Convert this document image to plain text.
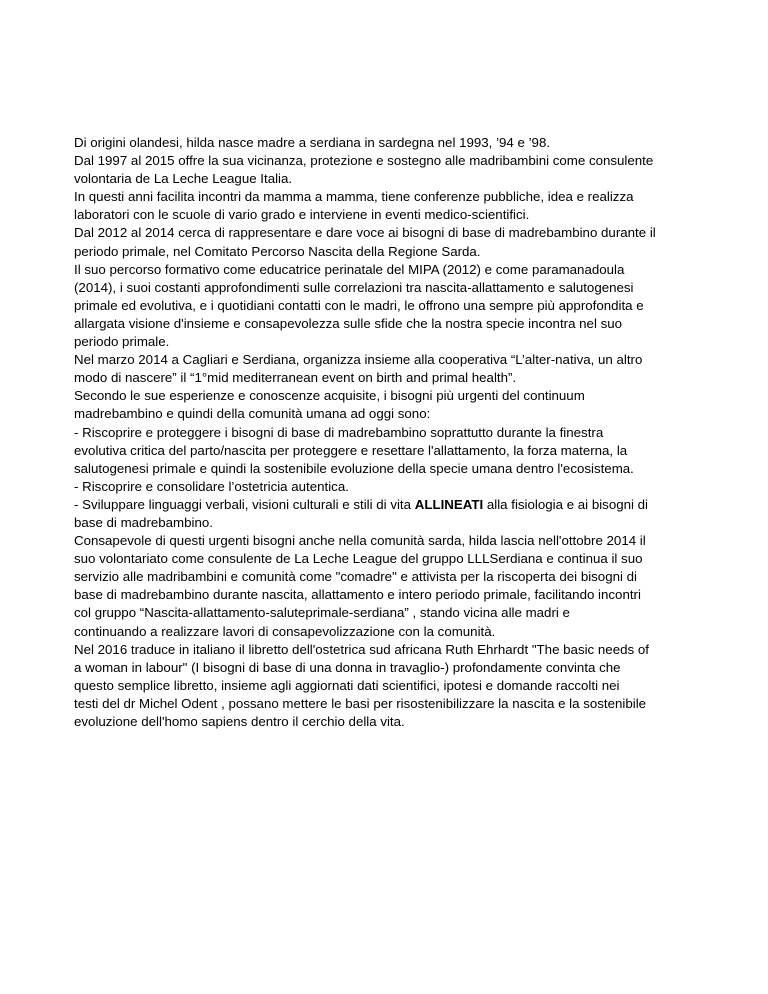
Di origini olandesi, hilda nasce madre a serdiana in sardegna nel 1993, ’94 e ’98.
Dal 1997 al 2015 offre la sua vicinanza, protezione e sostegno alle madribambini come consulente
volontaria de La Leche League Italia.
In questi anni facilita incontri da mamma a mamma, tiene conferenze pubbliche, idea e realizza
laboratori con le scuole di vario grado e interviene in eventi medico-scientifici.
Dal 2012 al 2014 cerca di rappresentare e dare voce ai bisogni di base di madrebambino durante il
periodo primale, nel Comitato Percorso Nascita della Regione Sarda.
Il suo percorso formativo come educatrice perinatale del MIPA (2012) e come paramanadoula
(2014), i suoi costanti approfondimenti sulle correlazioni tra nascita-allattamento e salutogenesi
primale ed evolutiva, e i quotidiani contatti con le madri, le offrono una sempre più approfondita e
allargata visione d'insieme e consapevolezza sulle sfide che la nostra specie incontra nel suo
periodo primale.
Nel marzo 2014 a Cagliari e Serdiana, organizza insieme alla cooperativa “L’alter-nativa, un altro
modo di nascere” il “1°mid mediterranean event on birth and primal health”.
Secondo le sue esperienze e conoscenze acquisite, i bisogni più urgenti del continuum
madrebambino e quindi della comunità umana ad oggi sono:
- Riscoprire e proteggere i bisogni di base di madrebambino soprattutto durante la finestra
evolutiva critica del parto/nascita per proteggere e resettare l'allattamento, la forza materna, la
salutogenesi primale e quindi la sostenibile evoluzione della specie umana dentro l'ecosistema.
- Riscoprire e consolidare l’ostetricia autentica.
- Sviluppare linguaggi verbali, visioni culturali e stili di vita ALLINEATI alla fisiologia e ai bisogni di
base di madrebambino.
Consapevole di questi urgenti bisogni anche nella comunità sarda, hilda lascia nell'ottobre 2014 il
suo volontariato come consulente de La Leche League del gruppo LLLSerdiana e continua il suo
servizio alle madribambini e comunità come "comadre" e attivista per la riscoperta dei bisogni di
base di madrebambino durante nascita, allattamento e intero periodo primale, facilitando incontri
col gruppo “Nascita-allattamento-saluteprimale-serdiana” , stando vicina alle madri e
continuando a realizzare lavori di consapevolizzazione con la comunità.
Nel 2016 traduce in italiano il libretto dell'ostetrica sud africana Ruth Ehrhardt "The basic needs of
a woman in labour" (I bisogni di base di una donna in travaglio-) profondamente convinta che
questo semplice libretto, insieme agli aggiornati dati scientifici, ipotesi e domande raccolti nei
testi del dr Michel Odent , possano mettere le basi per risostenibilizzare la nascita e la sostenibile
evoluzione dell'homo sapiens dentro il cerchio della vita.
